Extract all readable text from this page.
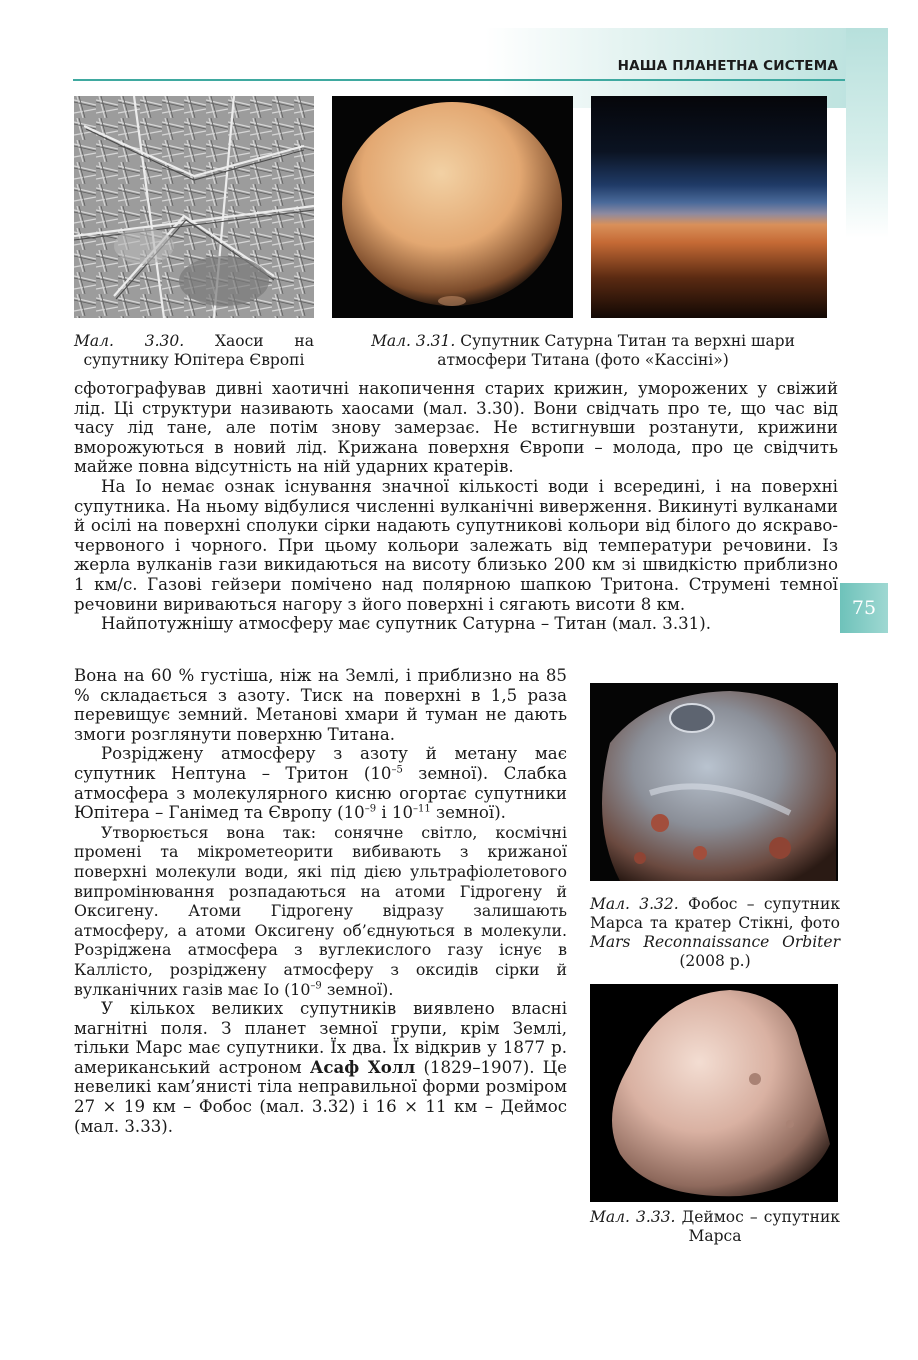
НАША ПЛАНЕТНА СИСТЕМА
75
Мал. 3.30. Хаоси на супутнику Юпітера Європі
Мал. 3.31. Супутник Сатурна Титан та верхні шари атмосфери Титана (фото «Кассіні»)

сфотографував дивні хаотичні накопичення старих крижин, уморожених у свіжий лід. Ці структури називають хаосами (мал. 3.30). Вони свідчать про те, що час від часу лід тане, але потім знову замерзає. Не встигнувши розтанути, крижини вморожуються в новий лід. Крижана поверхня Європи – молода, про це свідчить майже повна відсутність на ній ударних кратерів.

На Іо немає ознак існування значної кількості води і всередині, і на поверхні супутника. На ньому відбулися численні вулканічні виверження. Викинуті вулканами й осілі на поверхні сполуки сірки надають супутникові кольори від білого до яскраво-червоного і чорного. При цьому кольори залежать від температури речовини. Із жерла вулканів гази викидаються на висоту близько 200 км зі швидкістю приблизно 1 км/с. Газові гейзери помічено над полярною шапкою Тритона. Струмені темної речовини вириваються нагору з його поверхні і сягають висоти 8 км.

Найпотужнішу атмосферу має супутник Сатурна – Титан (мал. 3.31).

Вона на 60 % густіша, ніж на Землі, і приблизно на 85 % складається з азоту. Тиск на поверхні в 1,5 раза перевищує земний. Метанові хмари й туман не дають змоги розглянути поверхню Титана.

Розріджену атмосферу з азоту й метану має супутник Нептуна – Тритон ($10^{-5}$ земної). Слабка атмосфера з молекулярного кисню огортає супутники Юпітера – Ганімед та Європу ($10^{-9}$ і $10^{-11}$ земної).

Утворюється вона так: сонячне світло, космічні промені та мікрометеорити вибивають з крижаної поверхні молекули води, які під дією ультрафіолетового випромінювання розпадаються на атоми Гідрогену й Оксигену. Атоми Гідрогену відразу залишають атмосферу, а атоми Оксигену об’єднуються в молекули. Розріджена атмосфера з вуглекислого газу існує в Каллісто, розріджену атмосферу з оксидів сірки й вулканічних газів має Іо ($10^{-9}$ земної).

У кількох великих супутників виявлено власні магнітні поля. З планет земної групи, крім Землі, тільки Марс має супутники. Їх два. Їх відкрив у 1877 р. американський астроном Асаф Холл (1829–1907). Це невеликі кам’янисті тіла неправильної форми розміром 27 × 19 км – Фобос (мал. 3.32) і 16 × 11 км – Деймос (мал. 3.33).

Мал. 3.32. Фобос – супутник Марса та кратер Стікні, фото Mars Reconnaissance Orbiter (2008 р.)
Мал. 3.33. Деймос – супутник Марса
